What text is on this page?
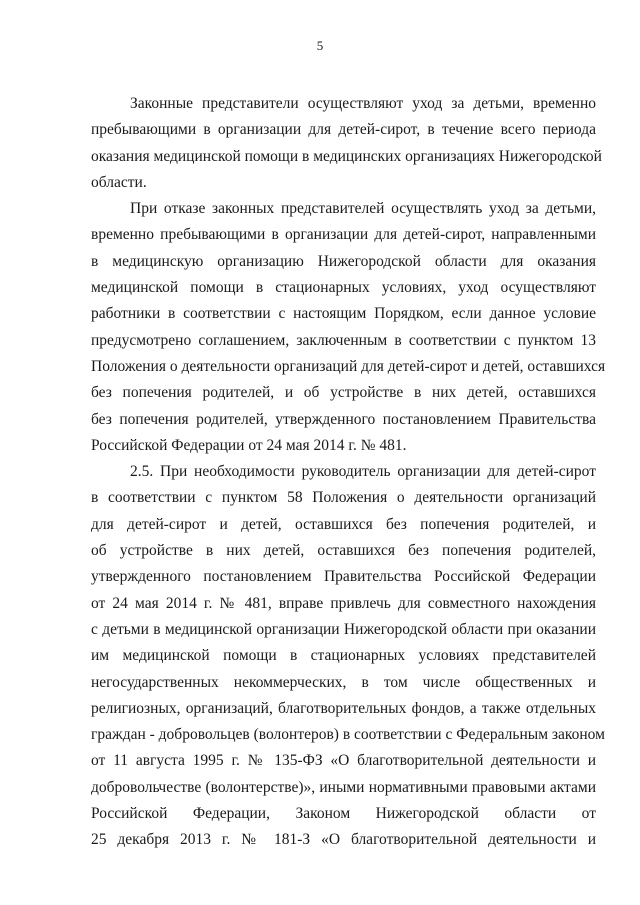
5

Законные представители осуществляют уход за детьми, временно
пребывающими в организации для детей-сирот, в течение всего периода
оказания медицинской помощи в медицинских организациях Нижегородской
области.

При отказе законных представителей осуществлять уход за детьми,
временно пребывающими в организации для детей-сирот, направленными
в медицинскую организацию Нижегородской области для оказания
медицинской помощи в стационарных условиях, уход осуществляют
работники в соответствии с настоящим Порядком, если данное условие
предусмотрено соглашением, заключенным в соответствии с пунктом 13
Положения о деятельности организаций для детей-сирот и детей, оставшихся
без попечения родителей, и об устройстве в них детей, оставшихся
без попечения родителей, утвержденного постановлением Правительства
Российской Федерации от 24 мая 2014 г. № 481.

2.5. При необходимости руководитель организации для детей-сирот
в соответствии с пунктом 58 Положения о деятельности организаций
для детей-сирот и детей, оставшихся без попечения родителей, и
об устройстве в них детей, оставшихся без попечения родителей,
утвержденного постановлением Правительства Российской Федерации
от 24 мая 2014 г. № 481, вправе привлечь для совместного нахождения
с детьми в медицинской организации Нижегородской области при оказании
им медицинской помощи в стационарных условиях представителей
негосударственных некоммерческих, в том числе общественных и
религиозных, организаций, благотворительных фондов, а также отдельных
граждан - добровольцев (волонтеров) в соответствии с Федеральным законом
от 11 августа 1995 г. № 135-ФЗ «О благотворительной деятельности и
добровольчестве (волонтерстве)», иными нормативными правовыми актами
Российской Федерации, Законом Нижегородской области от
25 декабря 2013 г. № 181-З «О благотворительной деятельности и
